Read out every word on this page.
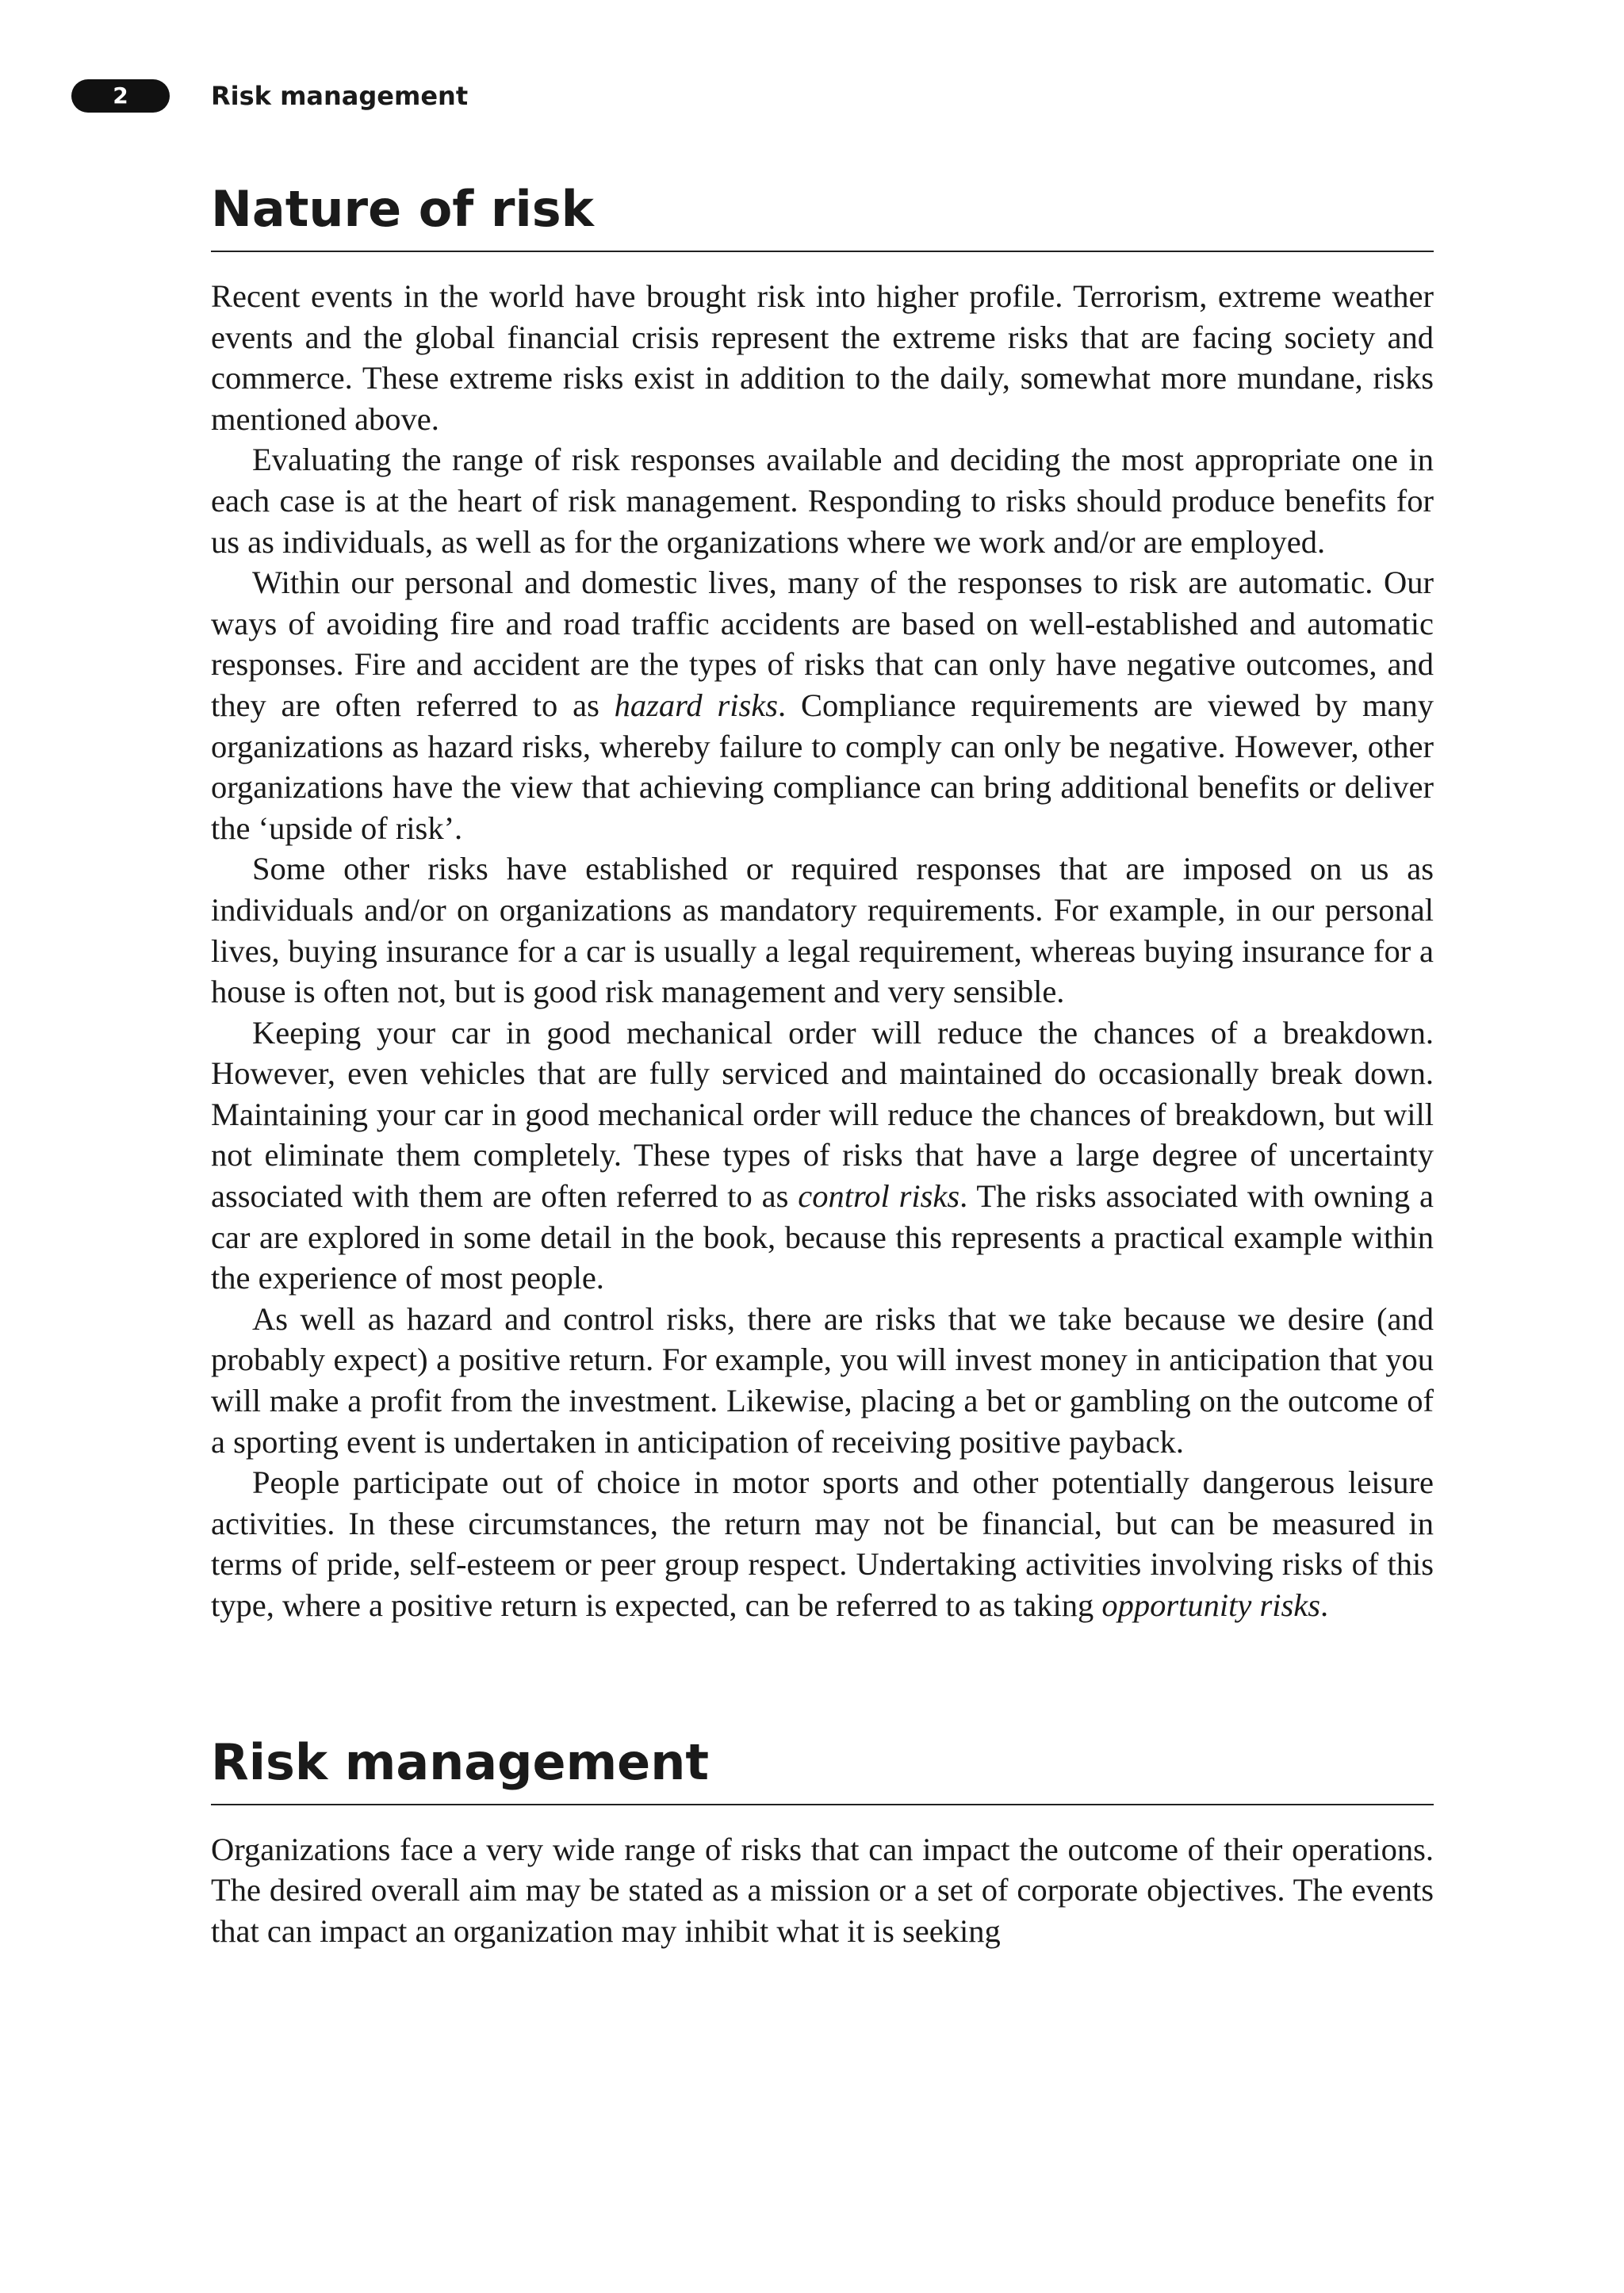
2	Risk management
Nature of risk

Recent events in the world have brought risk into higher profile. Terrorism, extreme weather events and the global financial crisis represent the extreme risks that are facing society and commerce. These extreme risks exist in addition to the daily, somewhat more mundane, risks mentioned above.

Evaluating the range of risk responses available and deciding the most appropriate one in each case is at the heart of risk management. Responding to risks should produce benefits for us as individuals, as well as for the organizations where we work and/or are employed.

Within our personal and domestic lives, many of the responses to risk are automatic. Our ways of avoiding fire and road traffic accidents are based on well-established and automatic responses. Fire and accident are the types of risks that can only have negative outcomes, and they are often referred to as hazard risks. Compliance requirements are viewed by many organizations as hazard risks, whereby failure to comply can only be negative. However, other organizations have the view that achieving compliance can bring additional benefits or deliver the ‘upside of risk’.

Some other risks have established or required responses that are imposed on us as individuals and/or on organizations as mandatory requirements. For example, in our personal lives, buying insurance for a car is usually a legal requirement, whereas buying insurance for a house is often not, but is good risk management and very sensible.

Keeping your car in good mechanical order will reduce the chances of a breakdown. However, even vehicles that are fully serviced and maintained do occasionally break down. Maintaining your car in good mechanical order will reduce the chances of breakdown, but will not eliminate them completely. These types of risks that have a large degree of uncertainty associated with them are often referred to as control risks. The risks associated with owning a car are explored in some detail in the book, because this represents a practical example within the experience of most people.

As well as hazard and control risks, there are risks that we take because we desire (and probably expect) a positive return. For example, you will invest money in anticipation that you will make a profit from the investment. Likewise, placing a bet or gambling on the outcome of a sporting event is undertaken in anticipation of receiving positive payback.

People participate out of choice in motor sports and other potentially dangerous leisure activities. In these circumstances, the return may not be financial, but can be measured in terms of pride, self-esteem or peer group respect. Undertaking activities involving risks of this type, where a positive return is expected, can be referred to as taking opportunity risks.

Risk management

Organizations face a very wide range of risks that can impact the outcome of their operations. The desired overall aim may be stated as a mission or a set of corporate objectives. The events that can impact an organization may inhibit what it is seeking
